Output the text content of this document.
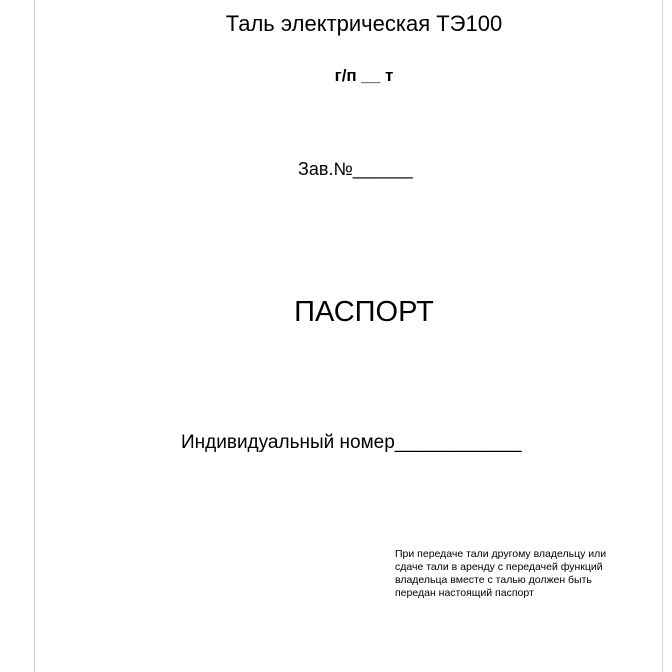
Таль электрическая ТЭ100
г/п __ т
Зав.№______
ПАСПОРТ
Индивидуальный номер____________
При передаче тали другому владельцу или
сдаче тали в аренду с передачей функций
владельца вместе с талью должен быть
передан настоящий паспорт
